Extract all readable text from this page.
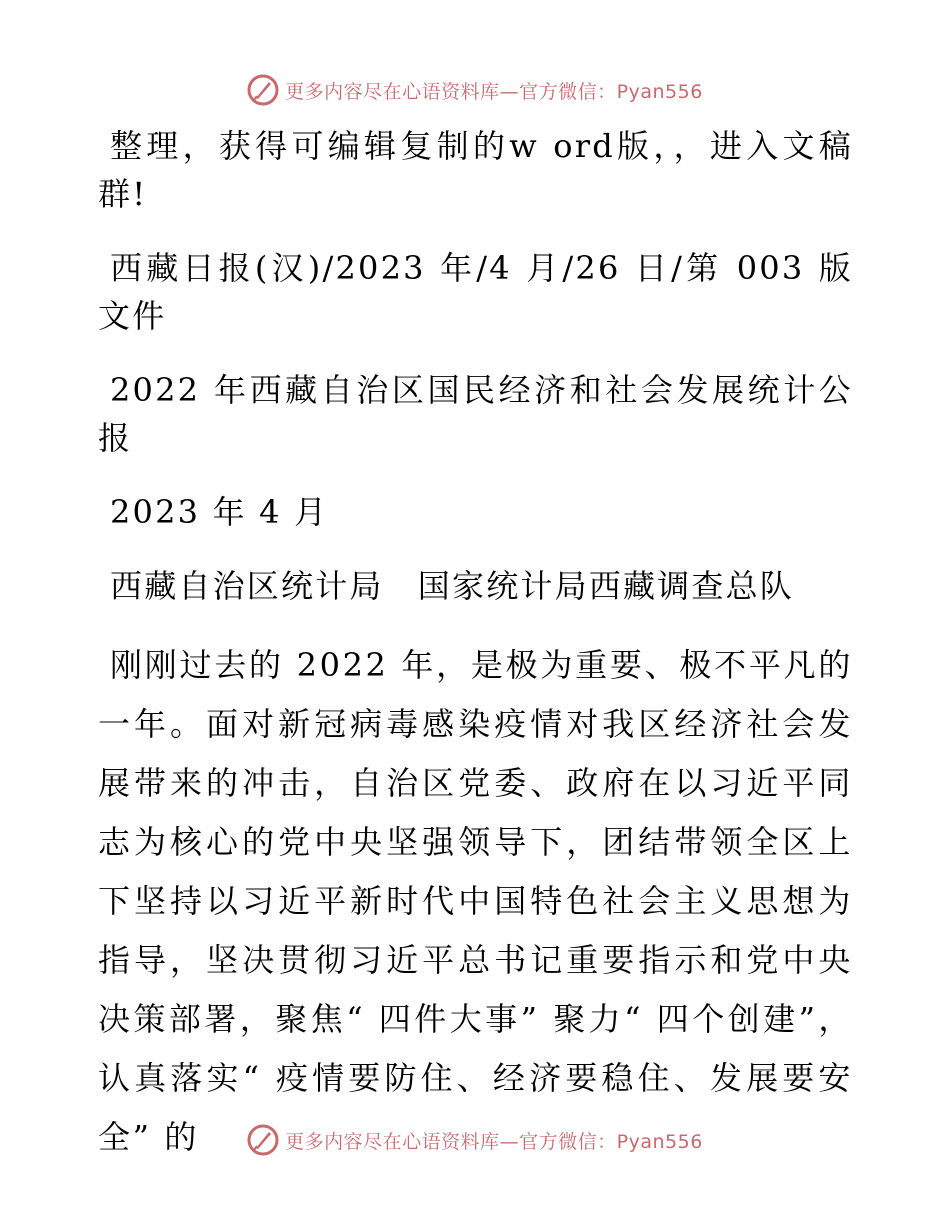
更多内容尽在心语资料库—官方微信：Pyan556

整理，获得可编辑复制的w ord版，，进入文稿群!

西藏日报(汉)/2023 年/4 月/26 日/第 003 版文件

2022 年西藏自治区国民经济和社会发展统计公报

2023 年 4 月

西藏自治区统计局　国家统计局西藏调查总队

刚刚过去的 2022 年，是极为重要、极不平凡的一年。面对新冠病毒感染疫情对我区经济社会发展带来的冲击，自治区党委、政府在以习近平同志为核心的党中央坚强领导下，团结带领全区上下坚持以习近平新时代中国特色社会主义思想为指导，坚决贯彻习近平总书记重要指示和党中央决策部署，聚焦“ 四件大事” 聚力“ 四个创建”，认真落实“ 疫情要防住、经济要稳住、发展要安全” 的	更多内容尽在心语资料库—官方微信：Pyan556
